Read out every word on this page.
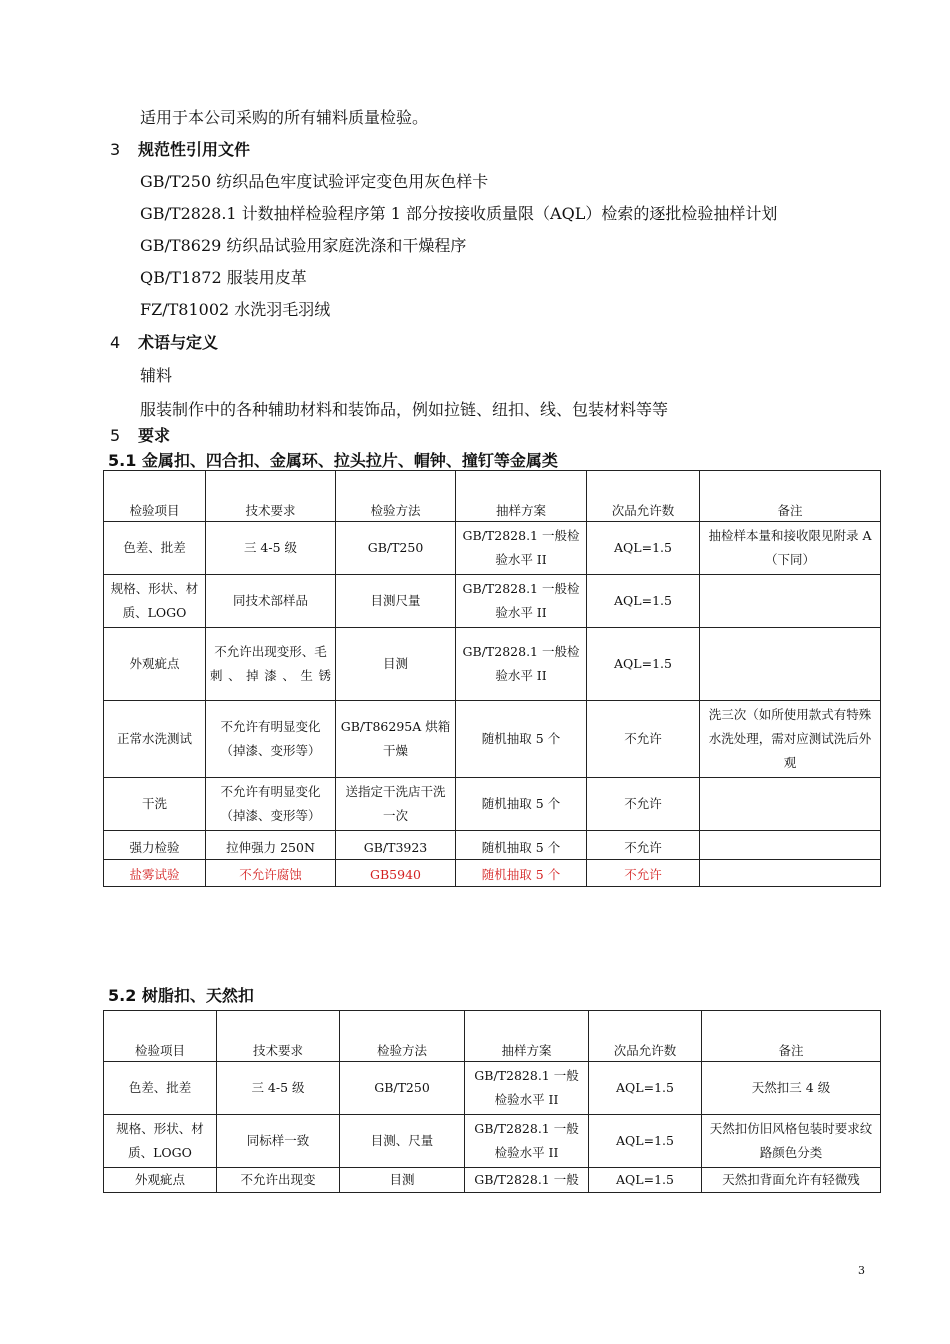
适用于本公司采购的所有辅料质量检验。
3 规范性引用文件
GB/T250 纺织品色牢度试验评定变色用灰色样卡
GB/T2828.1 计数抽样检验程序第 1 部分按接收质量限（AQL）检索的逐批检验抽样计划
GB/T8629 纺织品试验用家庭洗涤和干燥程序
QB/T1872 服装用皮革
FZ/T81002 水洗羽毛羽绒
4 术语与定义
辅料
服装制作中的各种辅助材料和装饰品，例如拉链、纽扣、线、包装材料等等
5 要求
5.1 金属扣、四合扣、金属环、拉头拉片、帽钟、撞钉等金属类
检验项目	技术要求	检验方法	抽样方案	次品允许数	备注
色差、批差	三 4-5 级	GB/T250	GB/T2828.1 一般检验水平 II	AQL=1.5	抽检样本量和接收限见附录 A（下同）
规格、形状、材质、LOGO	同技术部样品	目测尺量	GB/T2828.1 一般检验水平 II	AQL=1.5	
外观疵点	不允许出现变形、毛刺、掉漆、生锈	目测	GB/T2828.1 一般检验水平 II	AQL=1.5	
正常水洗测试	不允许有明显变化（掉漆、变形等）	GB/T86295A 烘箱干燥	随机抽取 5 个	不允许	洗三次（如所使用款式有特殊水洗处理，需对应测试洗后外观
干洗	不允许有明显变化（掉漆、变形等）	送指定干洗店干洗一次	随机抽取 5 个	不允许	
强力检验	拉伸强力 250N	GB/T3923	随机抽取 5 个	不允许	
盐雾试验	不允许腐蚀	GB5940	随机抽取 5 个	不允许	
5.2 树脂扣、天然扣
检验项目	技术要求	检验方法	抽样方案	次品允许数	备注
色差、批差	三 4-5 级	GB/T250	GB/T2828.1 一般检验水平 II	AQL=1.5	天然扣三 4 级
规格、形状、材质、LOGO	同标样一致	目测、尺量	GB/T2828.1 一般检验水平 II	AQL=1.5	天然扣仿旧风格包装时要求纹路颜色分类
外观疵点	不允许出现变	目测	GB/T2828.1 一般	AQL=1.5	天然扣背面允许有轻微残
3
